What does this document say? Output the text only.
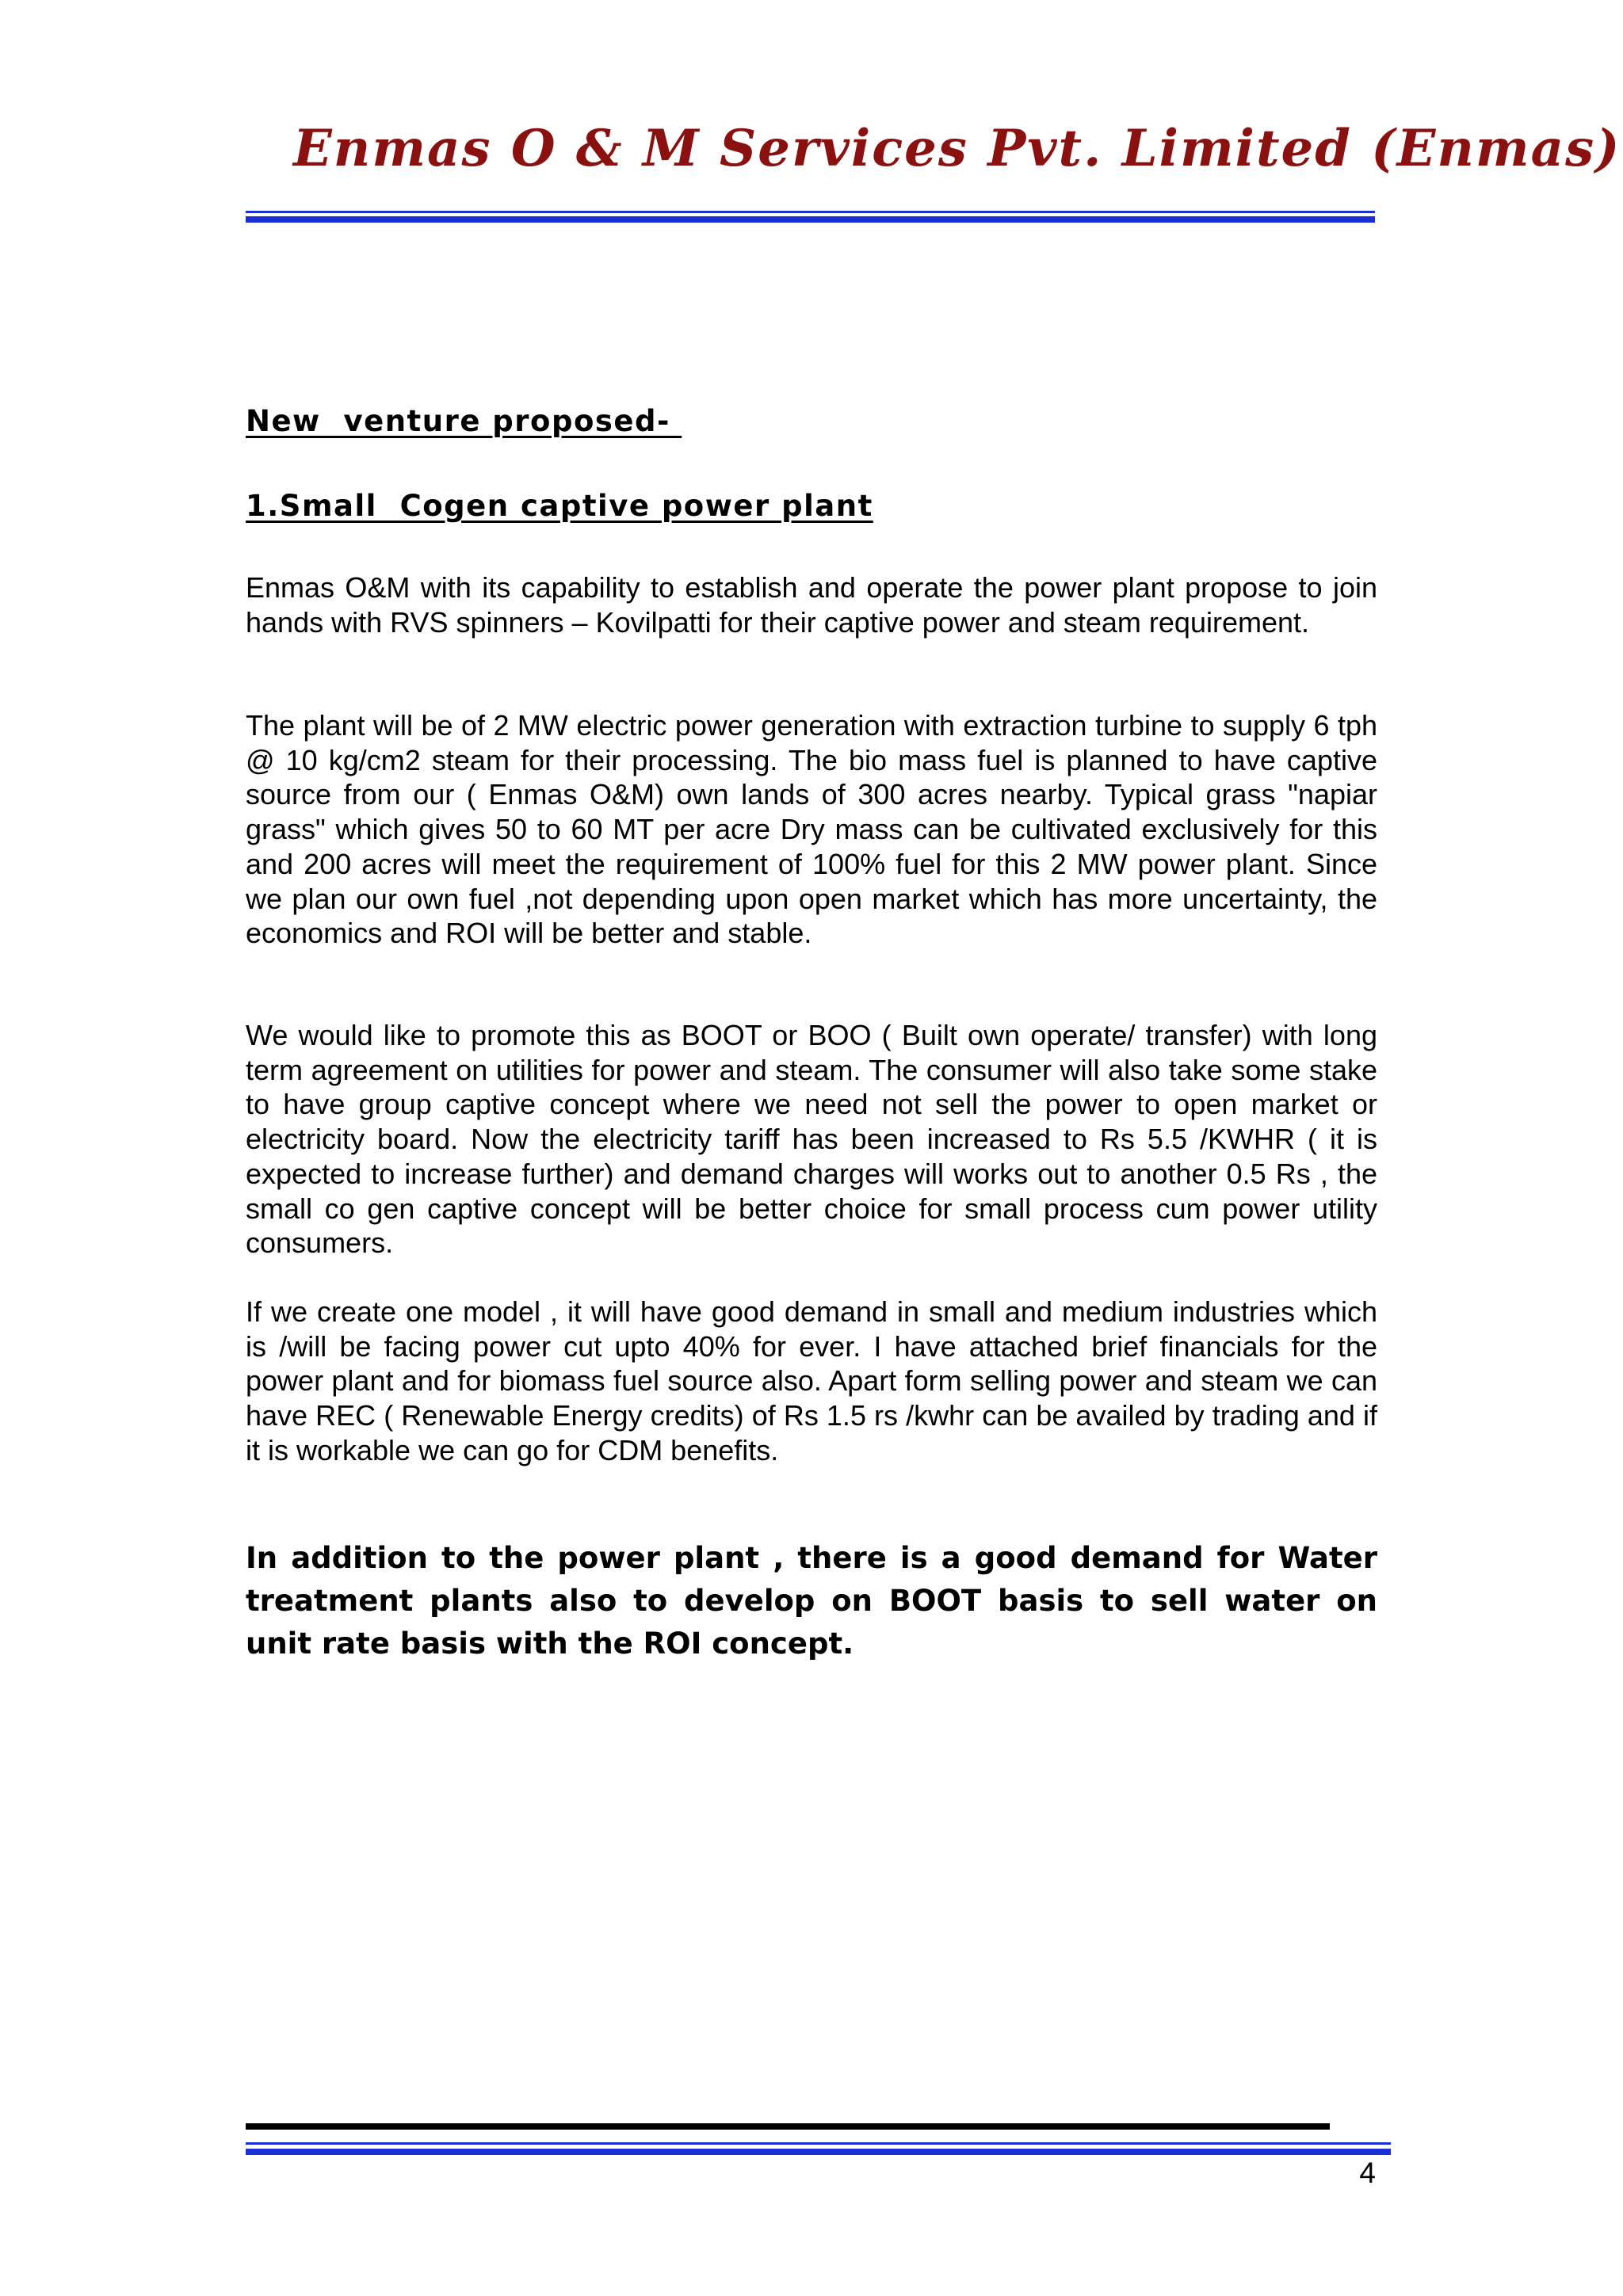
Enmas O & M Services Pvt. Limited (Enmas)
New  venture proposed-
1.Small  Cogen captive power plant

Enmas O&M with its capability to establish and operate the power plant propose to join hands with RVS spinners – Kovilpatti for their captive power and steam requirement.

The plant will be of 2 MW electric power generation with extraction turbine to supply 6 tph @ 10 kg/cm2 steam for their processing. The bio mass fuel is planned to have captive source from our ( Enmas O&M) own lands of 300 acres nearby. Typical grass "napiar grass" which gives 50 to 60 MT per acre Dry mass can be cultivated exclusively for this and 200 acres will meet the requirement of 100% fuel for this 2 MW power plant. Since we plan our own fuel ,not depending upon open market which has more uncertainty, the economics and ROI will be better and stable.

We would like to promote this as BOOT or BOO ( Built own operate/ transfer) with long term agreement on utilities for power and steam. The consumer will also take some stake to have group captive concept where we need not sell the power to open market or electricity board. Now the electricity tariff has been increased to Rs 5.5 /KWHR ( it is expected to increase further) and demand charges will works out to another 0.5 Rs , the small co gen captive concept will be better choice for small process cum power utility consumers.

If we create one model , it will have good demand in small and medium industries which is /will be facing power cut upto 40% for ever. I have attached brief financials for the power plant and for biomass fuel source also. Apart form selling power and steam we can have REC ( Renewable Energy credits) of Rs 1.5 rs /kwhr can be availed by trading and if it is workable we can go for CDM benefits.

In addition to the power plant , there is a good demand for Water treatment plants also to develop on BOOT basis to sell water on unit rate basis with the ROI concept.

4
